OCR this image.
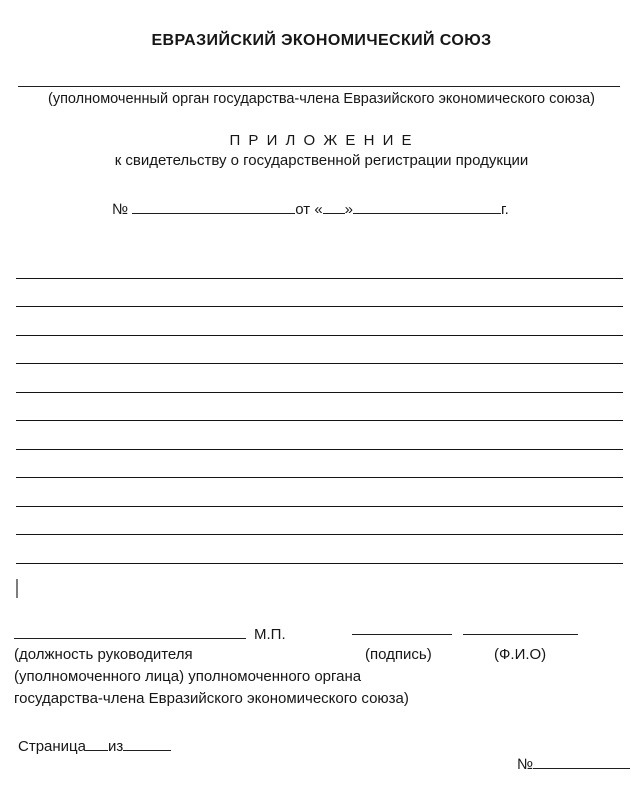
ЕВРАЗИЙСКИЙ ЭКОНОМИЧЕСКИЙ СОЮЗ
(уполномоченный орган государства-члена Евразийского экономического союза)
П Р И Л О Ж Е Н И Е
к свидетельству о государственной регистрации продукции
№	от « »	г.
М.П.
(должность руководителя	(подпись)	(Ф.И.О)
(уполномоченного лица) уполномоченного органа
государства-члена Евразийского экономического союза)
Страница из
№
